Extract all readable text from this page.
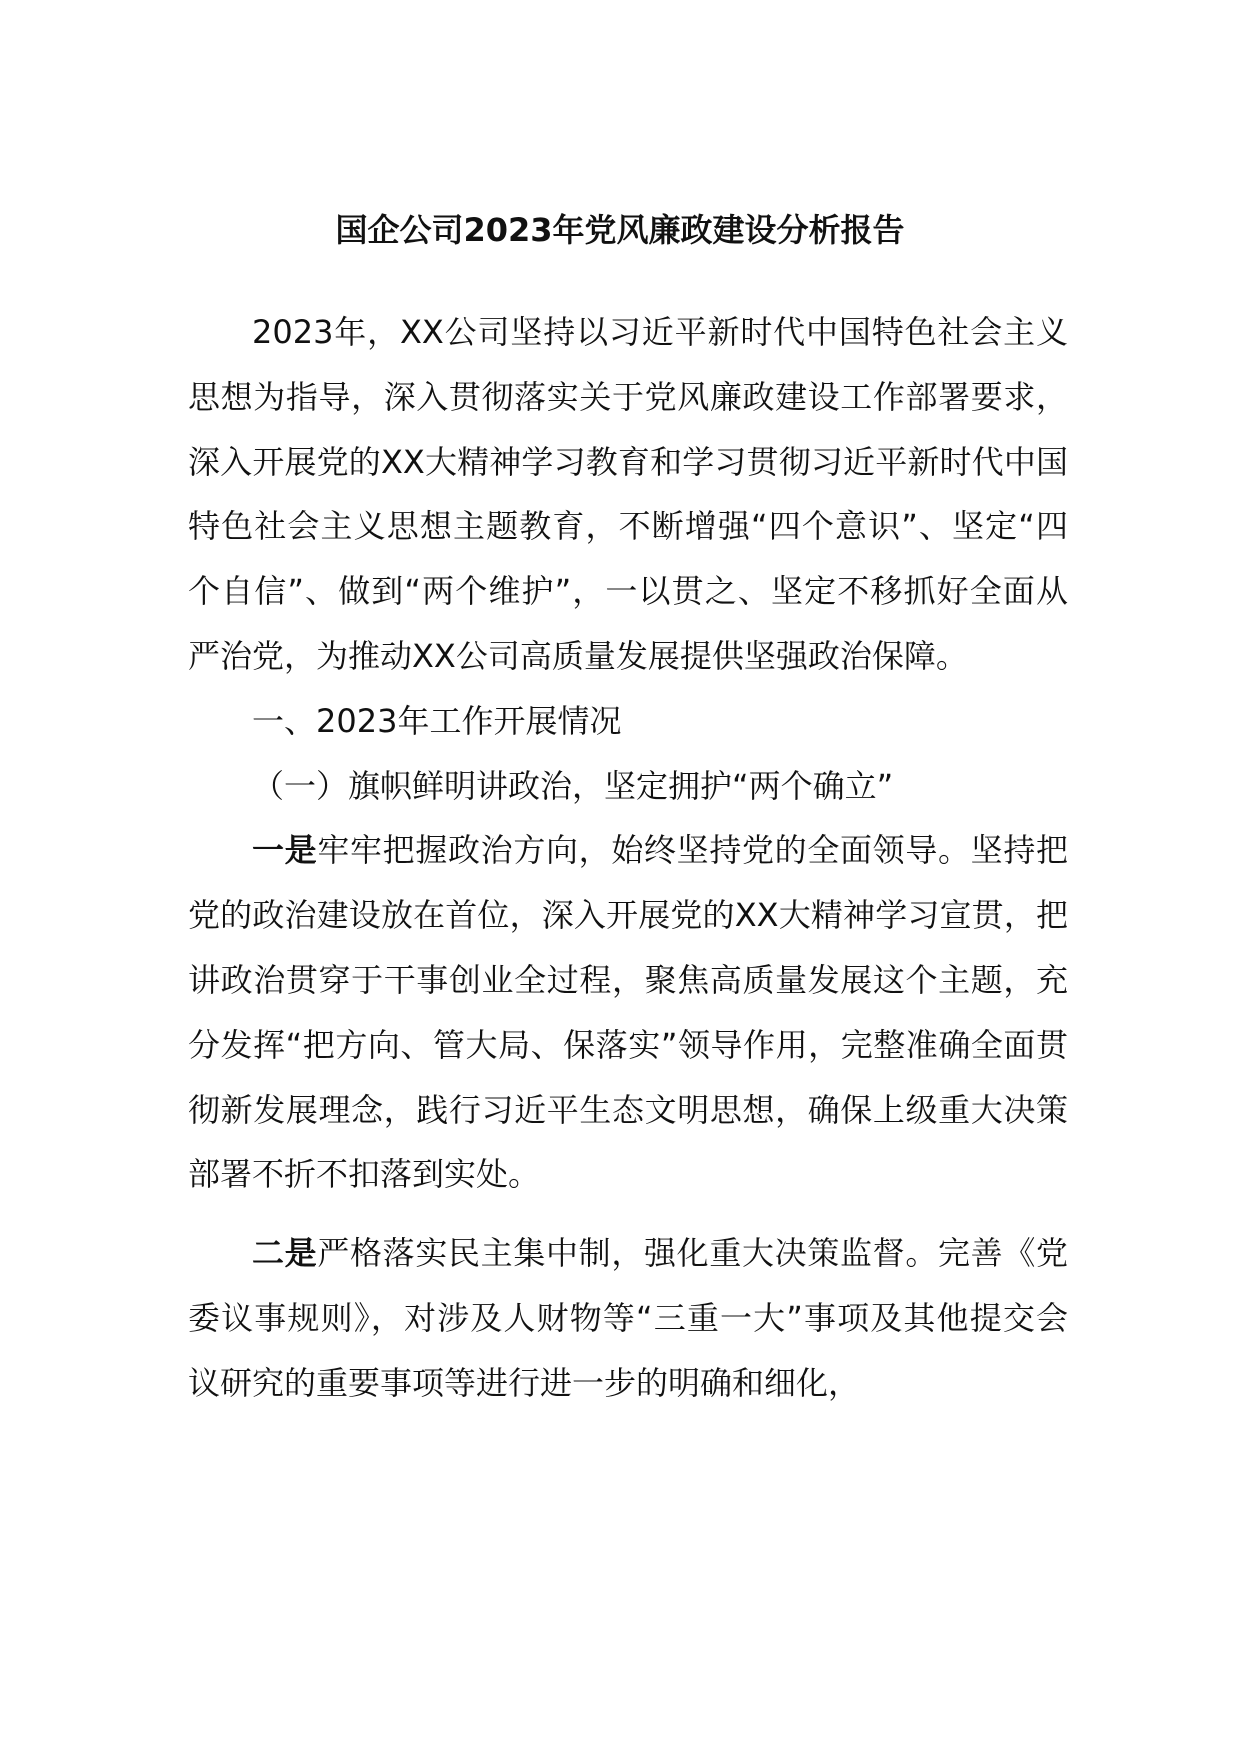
国企公司2023年党风廉政建设分析报告

2023年，XX公司坚持以习近平新时代中国特色社会主义思想为指导，深入贯彻落实关于党风廉政建设工作部署要求，深入开展党的XX大精神学习教育和学习贯彻习近平新时代中国特色社会主义思想主题教育，不断增强“四个意识”、坚定“四个自信”、做到“两个维护”，一以贯之、坚定不移抓好全面从严治党，为推动XX公司高质量发展提供坚强政治保障。

一、2023年工作开展情况

（一）旗帜鲜明讲政治，坚定拥护“两个确立”

一是牢牢把握政治方向，始终坚持党的全面领导。坚持把党的政治建设放在首位，深入开展党的XX大精神学习宣贯，把讲政治贯穿于干事创业全过程，聚焦高质量发展这个主题，充分发挥“把方向、管大局、保落实”领导作用，完整准确全面贯彻新发展理念，践行习近平生态文明思想，确保上级重大决策部署不折不扣落到实处。

二是严格落实民主集中制，强化重大决策监督。完善《党委议事规则》，对涉及人财物等“三重一大”事项及其他提交会议研究的重要事项等进行进一步的明确和细化，
